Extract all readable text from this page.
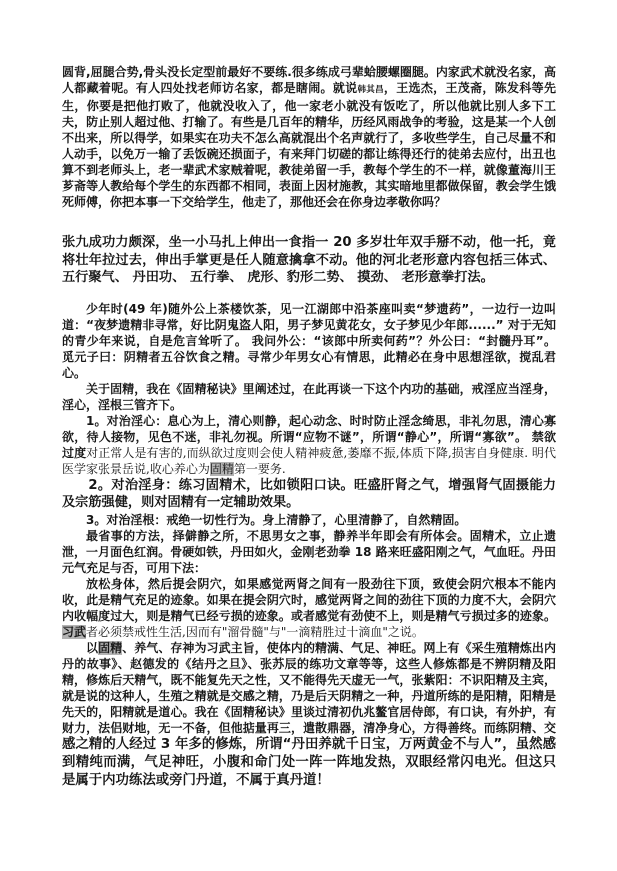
圆背,屈腿合势,骨头没长定型前最好不要练.很多练成弓辈蛤腰螺圈腿。内家武术就没名家，高人都藏着呢。有人四处找老师访名家，都是瞎闹。就说韩其昌，王选杰，王茂斋，陈发科等先生，你要是把他打败了，他就没收入了，他一家老小就没有饭吃了，所以他就比别人多下工夫，防止别人超过他、打输了。有些是几百年的精华，历经风雨战争的考验，这是某一个人创不出来，所以得学，如果实在功夫不怎么高就混出个名声就行了，多收些学生，自己尽量不和人动手，以免万一输了丢饭碗还损面子，有来拜门切磋的都让练得还行的徒弟去应付，出丑也算不到老师头上，老一辈武术家贼着呢，教徒弟留一手，教每个学生的不一样，就像董海川王芗斋等人教给每个学生的东西都不相同，表面上因材施教，其实暗地里都做保留，教会学生饿死师傅，你把本事一下交给学生，他走了，那他还会在你身边孝敬你吗？

张九成功力颇深，坐一小马扎上伸出一食指一 20 多岁壮年双手掰不动，他一托，竟将壮年拉过去，伸出手掌更是任人随意擒拿不动。他的河北老形意内容包括三体式、五行聚气、 丹田功、 五行拳、 虎形、豹形二势、 摸劲、 老形意拳打法。

少年时(49 年)随外公上茶楼饮茶，见一江湖郎中沿茶座叫卖“梦遗药”，一边行一边叫道：“夜梦遗精非寻常，好比阴鬼盗人阳，男子梦见黄花女，女子梦见少年郎......” 对于无知的青少年来说，自是危言耸听了。 我问外公：“该郎中所卖何药”？外公曰：“封髓丹耳”。 觅元子曰：阴精者五谷饮食之精。寻常少年男女心有情思，此精必在身中思想淫欲，搅乱君心。

关于固精，我在《固精秘诀》里阐述过，在此再谈一下这个内功的基础，戒淫应当淫身，淫心，淫根三管齐下。

1。对治淫心：息心为上，清心则静，起心动念、时时防止淫念绮思，非礼勿思，清心寡欲，待人接物，见色不迷，非礼勿视。所谓“应物不谜”，所谓“静心”，所谓“寡欲”。 禁欲过度对正常人是有害的,而纵欲过度则会使人精神疲惫,萎靡不振,体质下降,损害自身健康. 明代医学家张景岳说,收心养心为固精第一要务.

2。对治淫身：练习固精术，比如锁阳口诀。旺盛肝肾之气，增强肾气固摄能力及宗筋强健，则对固精有一定辅助效果。

3。对治淫根：戒绝一切性行为。身上清静了，心里清静了，自然精固。

最省事的方法，择僻静之所，不思男女之事，静养半年即会有所体会。固精术，立止遗泄，一月面色红润。骨硬如铁，丹田如火，金刚老劲拳 18 路来旺盛阳刚之气，气血旺。丹田元气充足与否，可用下法：

放松身体，然后提会阴穴，如果感觉两肾之间有一股劲往下顶，致使会阴穴根本不能内收，此是精气充足的迹象。如果在提会阴穴时，感觉两肾之间的劲往下顶的力度不大，会阴穴内收幅度过大，则是精气已经亏损的迹象。或者感觉有劲使不上，则是精气亏损过多的迹象。习武者必须禁戒性生活,因而有"溜骨髓"与"一滴精胜过十滴血"之说。

以固精、养气、存神为习武主旨，使体内的精满、气足、神旺。网上有《采生殖精炼出内丹的故事》、赵德发的《结丹之旦》、张苏辰的练功文章等等，这些人修炼都是不辨阴精及阳精，修炼后天精气，既不能复先天之性，又不能得先天虚无一气，张紫阳：不识阳精及主宾，就是说的这种人，生殖之精就是交感之精，乃是后天阴精之一种，丹道所练的是阳精，阳精是先天的，阳精就是道心。我在《固精秘诀》里谈过清初仇兆鳌官居侍郎，有口诀，有外护，有财力，法侣财地，无一不备，但他掂量再三，遣散鼎器，清净身心，方得善终。而练阴精、交感之精的人经过 3 年多的修炼，所谓“丹田养就千日宝，万两黄金不与人”，虽然感到精纯而满，气足神旺，小腹和命门处一阵一阵地发热，双眼经常闪电光。但这只是属于内功练法或旁门丹道，不属于真丹道！
